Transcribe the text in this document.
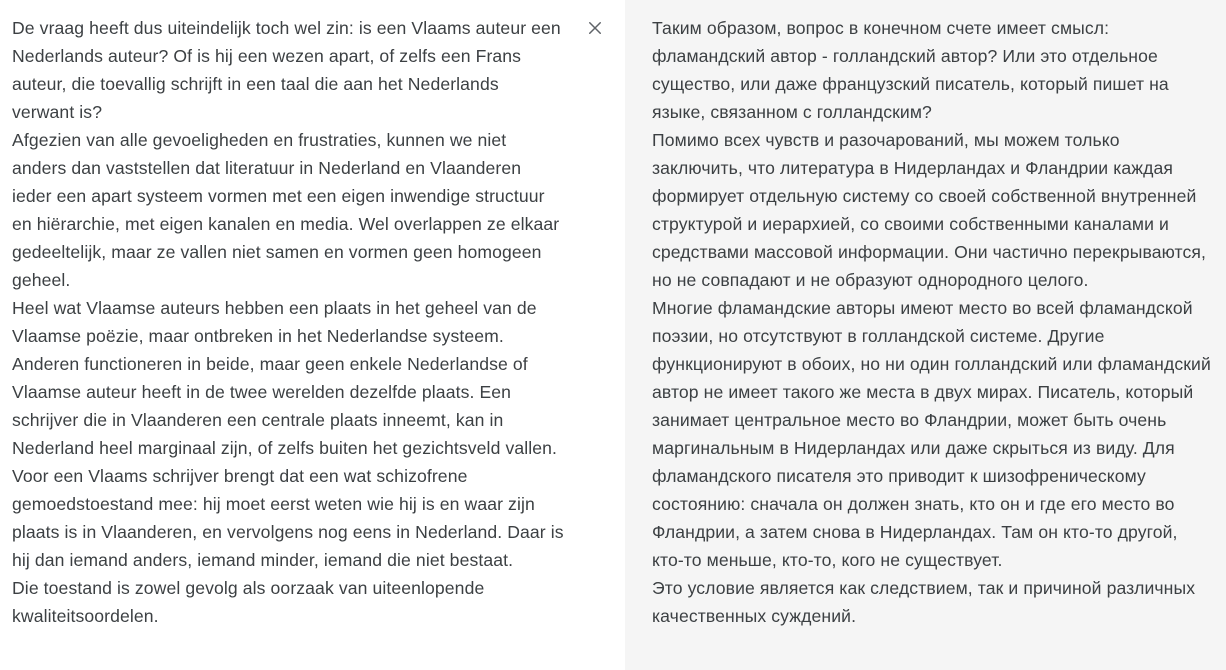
De vraag heeft dus uiteindelijk toch wel zin: is een Vlaams auteur een Nederlands auteur? Of is hij een wezen apart, of zelfs een Frans auteur, die toevallig schrijft in een taal die aan het Nederlands verwant is?
Afgezien van alle gevoeligheden en frustraties, kunnen we niet anders dan vaststellen dat literatuur in Nederland en Vlaanderen ieder een apart systeem vormen met een eigen inwendige structuur en hiërarchie, met eigen kanalen en media. Wel overlappen ze elkaar gedeeltelijk, maar ze vallen niet samen en vormen geen homogeen geheel.
Heel wat Vlaamse auteurs hebben een plaats in het geheel van de Vlaamse poëzie, maar ontbreken in het Nederlandse systeem. Anderen functioneren in beide, maar geen enkele Nederlandse of Vlaamse auteur heeft in de twee werelden dezelfde plaats. Een schrijver die in Vlaanderen een centrale plaats inneemt, kan in Nederland heel marginaal zijn, of zelfs buiten het gezichtsveld vallen. Voor een Vlaams schrijver brengt dat een wat schizofrene gemoedstoestand mee: hij moet eerst weten wie hij is en waar zijn plaats is in Vlaanderen, en vervolgens nog eens in Nederland. Daar is hij dan iemand anders, iemand minder, iemand die niet bestaat.
Die toestand is zowel gevolg als oorzaak van uiteenlopende kwaliteitsoordelen.

Таким образом, вопрос в конечном счете имеет смысл: фламандский автор - голландский автор? Или это отдельное существо, или даже французский писатель, который пишет на языке, связанном с голландским?
Помимо всех чувств и разочарований, мы можем только заключить, что литература в Нидерландах и Фландрии каждая формирует отдельную систему со своей собственной внутренней структурой и иерархией, со своими собственными каналами и средствами массовой информации. Они частично перекрываются, но не совпадают и не образуют однородного целого.
Многие фламандские авторы имеют место во всей фламандской поэзии, но отсутствуют в голландской системе. Другие функционируют в обоих, но ни один голландский или фламандский автор не имеет такого же места в двух мирах. Писатель, который занимает центральное место во Фландрии, может быть очень маргинальным в Нидерландах или даже скрыться из виду. Для фламандского писателя это приводит к шизофреническому состоянию: сначала он должен знать, кто он и где его место во Фландрии, а затем снова в Нидерландах. Там он кто-то другой, кто-то меньше, кто-то, кого не существует.
Это условие является как следствием, так и причиной различных качественных суждений.
